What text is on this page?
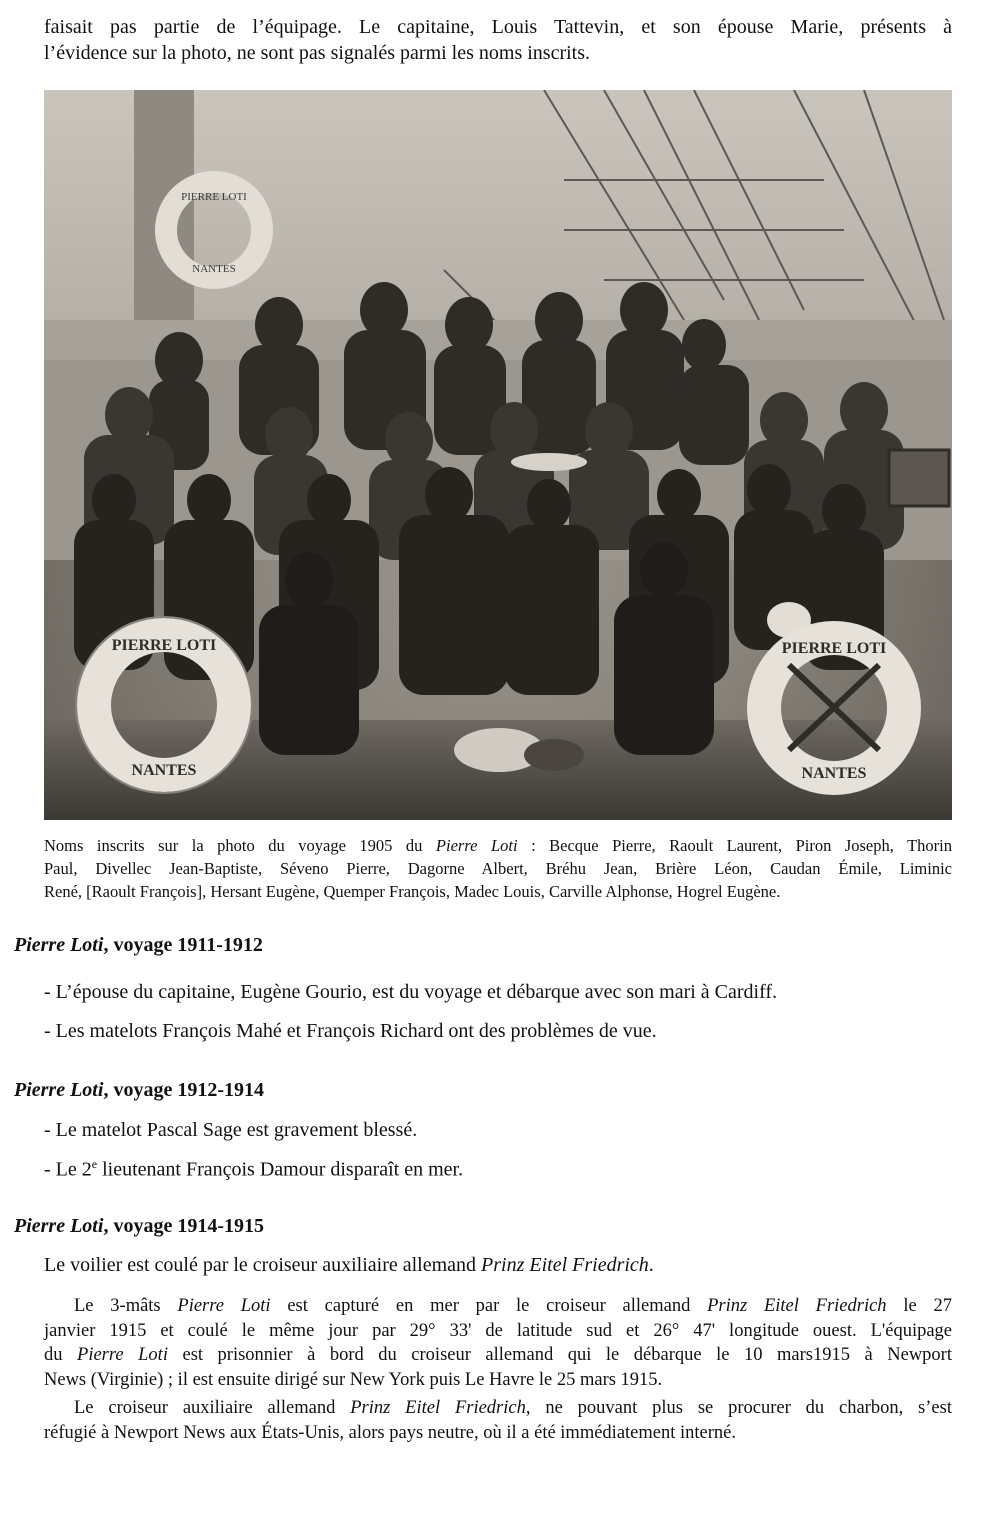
faisait pas partie de l’équipage. Le capitaine, Louis Tattevin, et son épouse Marie, présents à
l’évidence sur la photo, ne sont pas signalés parmi les noms inscrits.
PIERRE LOTI
NANTES
PIERRE LOTI
NANTES
PIERRE LOTI
NANTES
Noms inscrits sur la photo du voyage 1905 du Pierre Loti : Becque Pierre, Raoult Laurent, Piron Joseph, Thorin
Paul, Divellec Jean-Baptiste, Séveno Pierre, Dagorne Albert, Bréhu Jean, Brière Léon, Caudan Émile, Liminic
René, [Raoult François], Hersant Eugène, Quemper François, Madec Louis, Carville Alphonse, Hogrel Eugène.
Pierre Loti, voyage 1911-1912
- L’épouse du capitaine, Eugène Gourio, est du voyage et débarque avec son mari à Cardiff.
- Les matelots François Mahé et François Richard ont des problèmes de vue.
Pierre Loti, voyage 1912-1914
- Le matelot Pascal Sage est gravement blessé.
- Le 2e lieutenant François Damour disparaît en mer.
Pierre Loti, voyage 1914-1915
Le voilier est coulé par le croiseur auxiliaire allemand Prinz Eitel Friedrich.
Le 3-mâts Pierre Loti est capturé en mer par le croiseur allemand Prinz Eitel Friedrich le 27
janvier 1915 et coulé le même jour par 29° 33' de latitude sud et 26° 47' longitude ouest. L'équipage
du Pierre Loti est prisonnier à bord du croiseur allemand qui le débarque le 10 mars1915 à Newport
News (Virginie) ; il est ensuite dirigé sur New York puis Le Havre le 25 mars 1915.
Le croiseur auxiliaire allemand Prinz Eitel Friedrich, ne pouvant plus se procurer du charbon, s’est
réfugié à Newport News aux États-Unis, alors pays neutre, où il a été immédiatement interné.
